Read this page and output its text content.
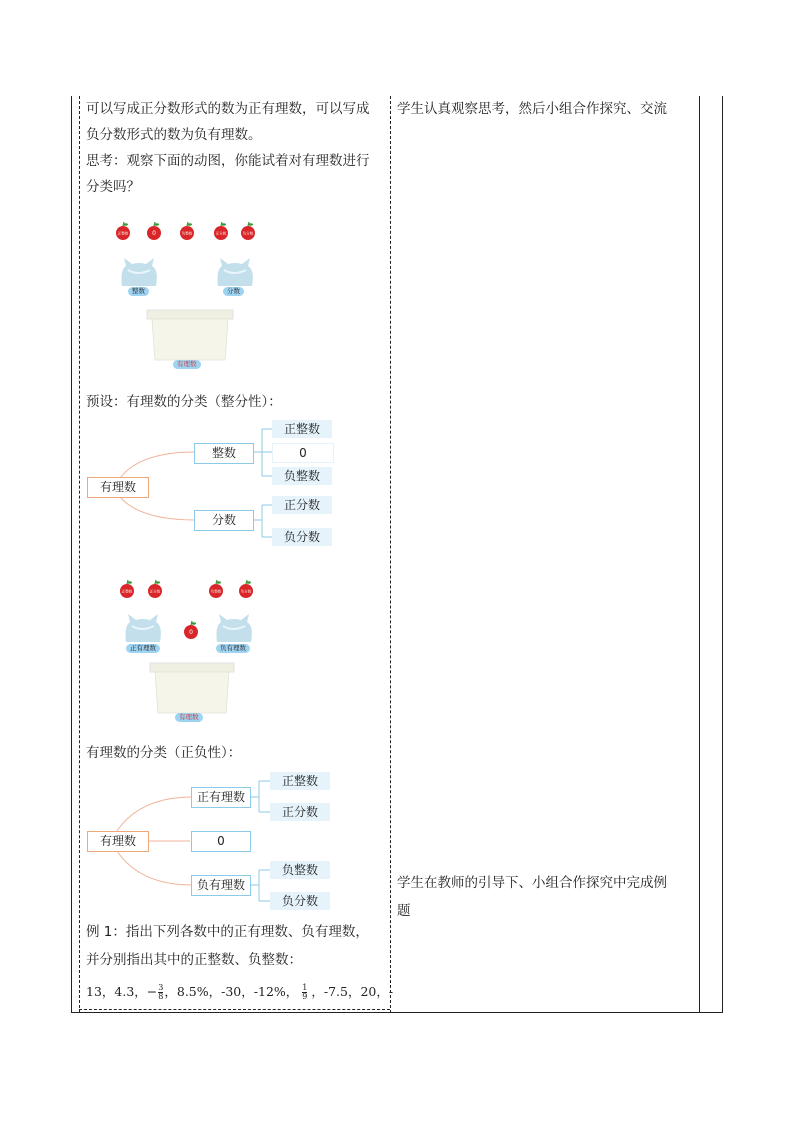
可以写成正分数形式的数为正有理数，可以写成
负分数形式的数为负有理数。
思考：观察下面的动图，你能试着对有理数进行
分类吗？
正整数	0	负整数	正分数	负分数
整数	分数
有理数
预设：有理数的分类（整分性）：
有理数
整数
分数
正整数
0
负整数
正分数
负分数
正整数	正分数	负整数	负分数
0
正有理数	负有理数
有理数
有理数的分类（正负性）：
有理数
正有理数
0
负有理数
正整数
正分数
负整数
负分数
例 1：指出下列各数中的正有理数、负有理数，
并分别指出其中的正整数、负整数：
13，4.3，− $\frac{3}{8}$ ，8.5%，-30，-12%， $\frac{1}{9}$ ，-7.5，20，-
学生认真观察思考，然后小组合作探究、交流
学生在教师的引导下、小组合作探究中完成例
题
